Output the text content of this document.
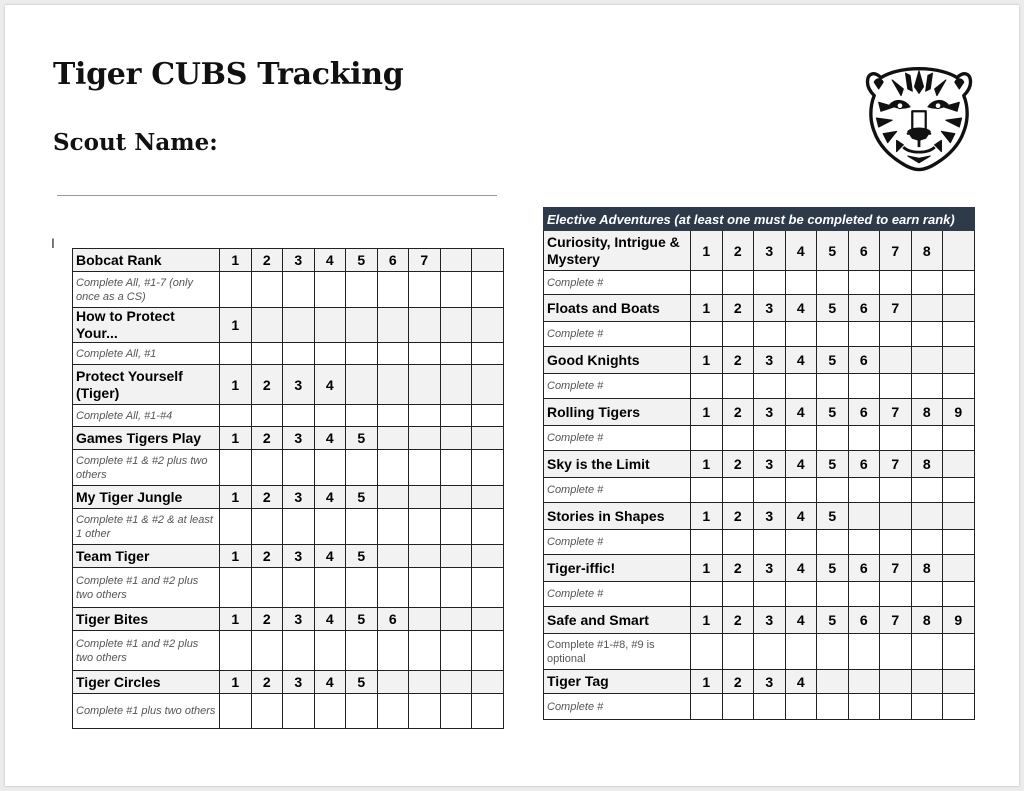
Tiger CUBS Tracking
Scout Name:
I
Bobcat Rank	1	2	3	4	5	6	7		
Complete All, #1-7 (only once as a CS)									
How to Protect Your...	1								
Complete All, #1									
Protect Yourself (Tiger)	1	2	3	4					
Complete All, #1-#4									
Games Tigers Play	1	2	3	4	5				
Complete #1 & #2 plus two others									
My Tiger Jungle	1	2	3	4	5				
Complete #1 & #2 & at least 1 other									
Team Tiger	1	2	3	4	5				
Complete #1 and #2 plus two others									
Tiger Bites	1	2	3	4	5	6			
Complete #1 and #2 plus two others									
Tiger Circles	1	2	3	4	5				
Complete #1 plus two others									
Elective Adventures (at least one must be completed to earn rank)									
Curiosity, Intrigue & Mystery	1	2	3	4	5	6	7	8	
Complete #									
Floats and Boats	1	2	3	4	5	6	7		
Complete #									
Good Knights	1	2	3	4	5	6			
Complete #									
Rolling Tigers	1	2	3	4	5	6	7	8	9
Complete #									
Sky is the Limit	1	2	3	4	5	6	7	8	
Complete #									
Stories in Shapes	1	2	3	4	5				
Complete #									
Tiger-iffic!	1	2	3	4	5	6	7	8	
Complete #									
Safe and Smart	1	2	3	4	5	6	7	8	9
Complete #1-#8, #9 is optional									
Tiger Tag	1	2	3	4					
Complete #									
